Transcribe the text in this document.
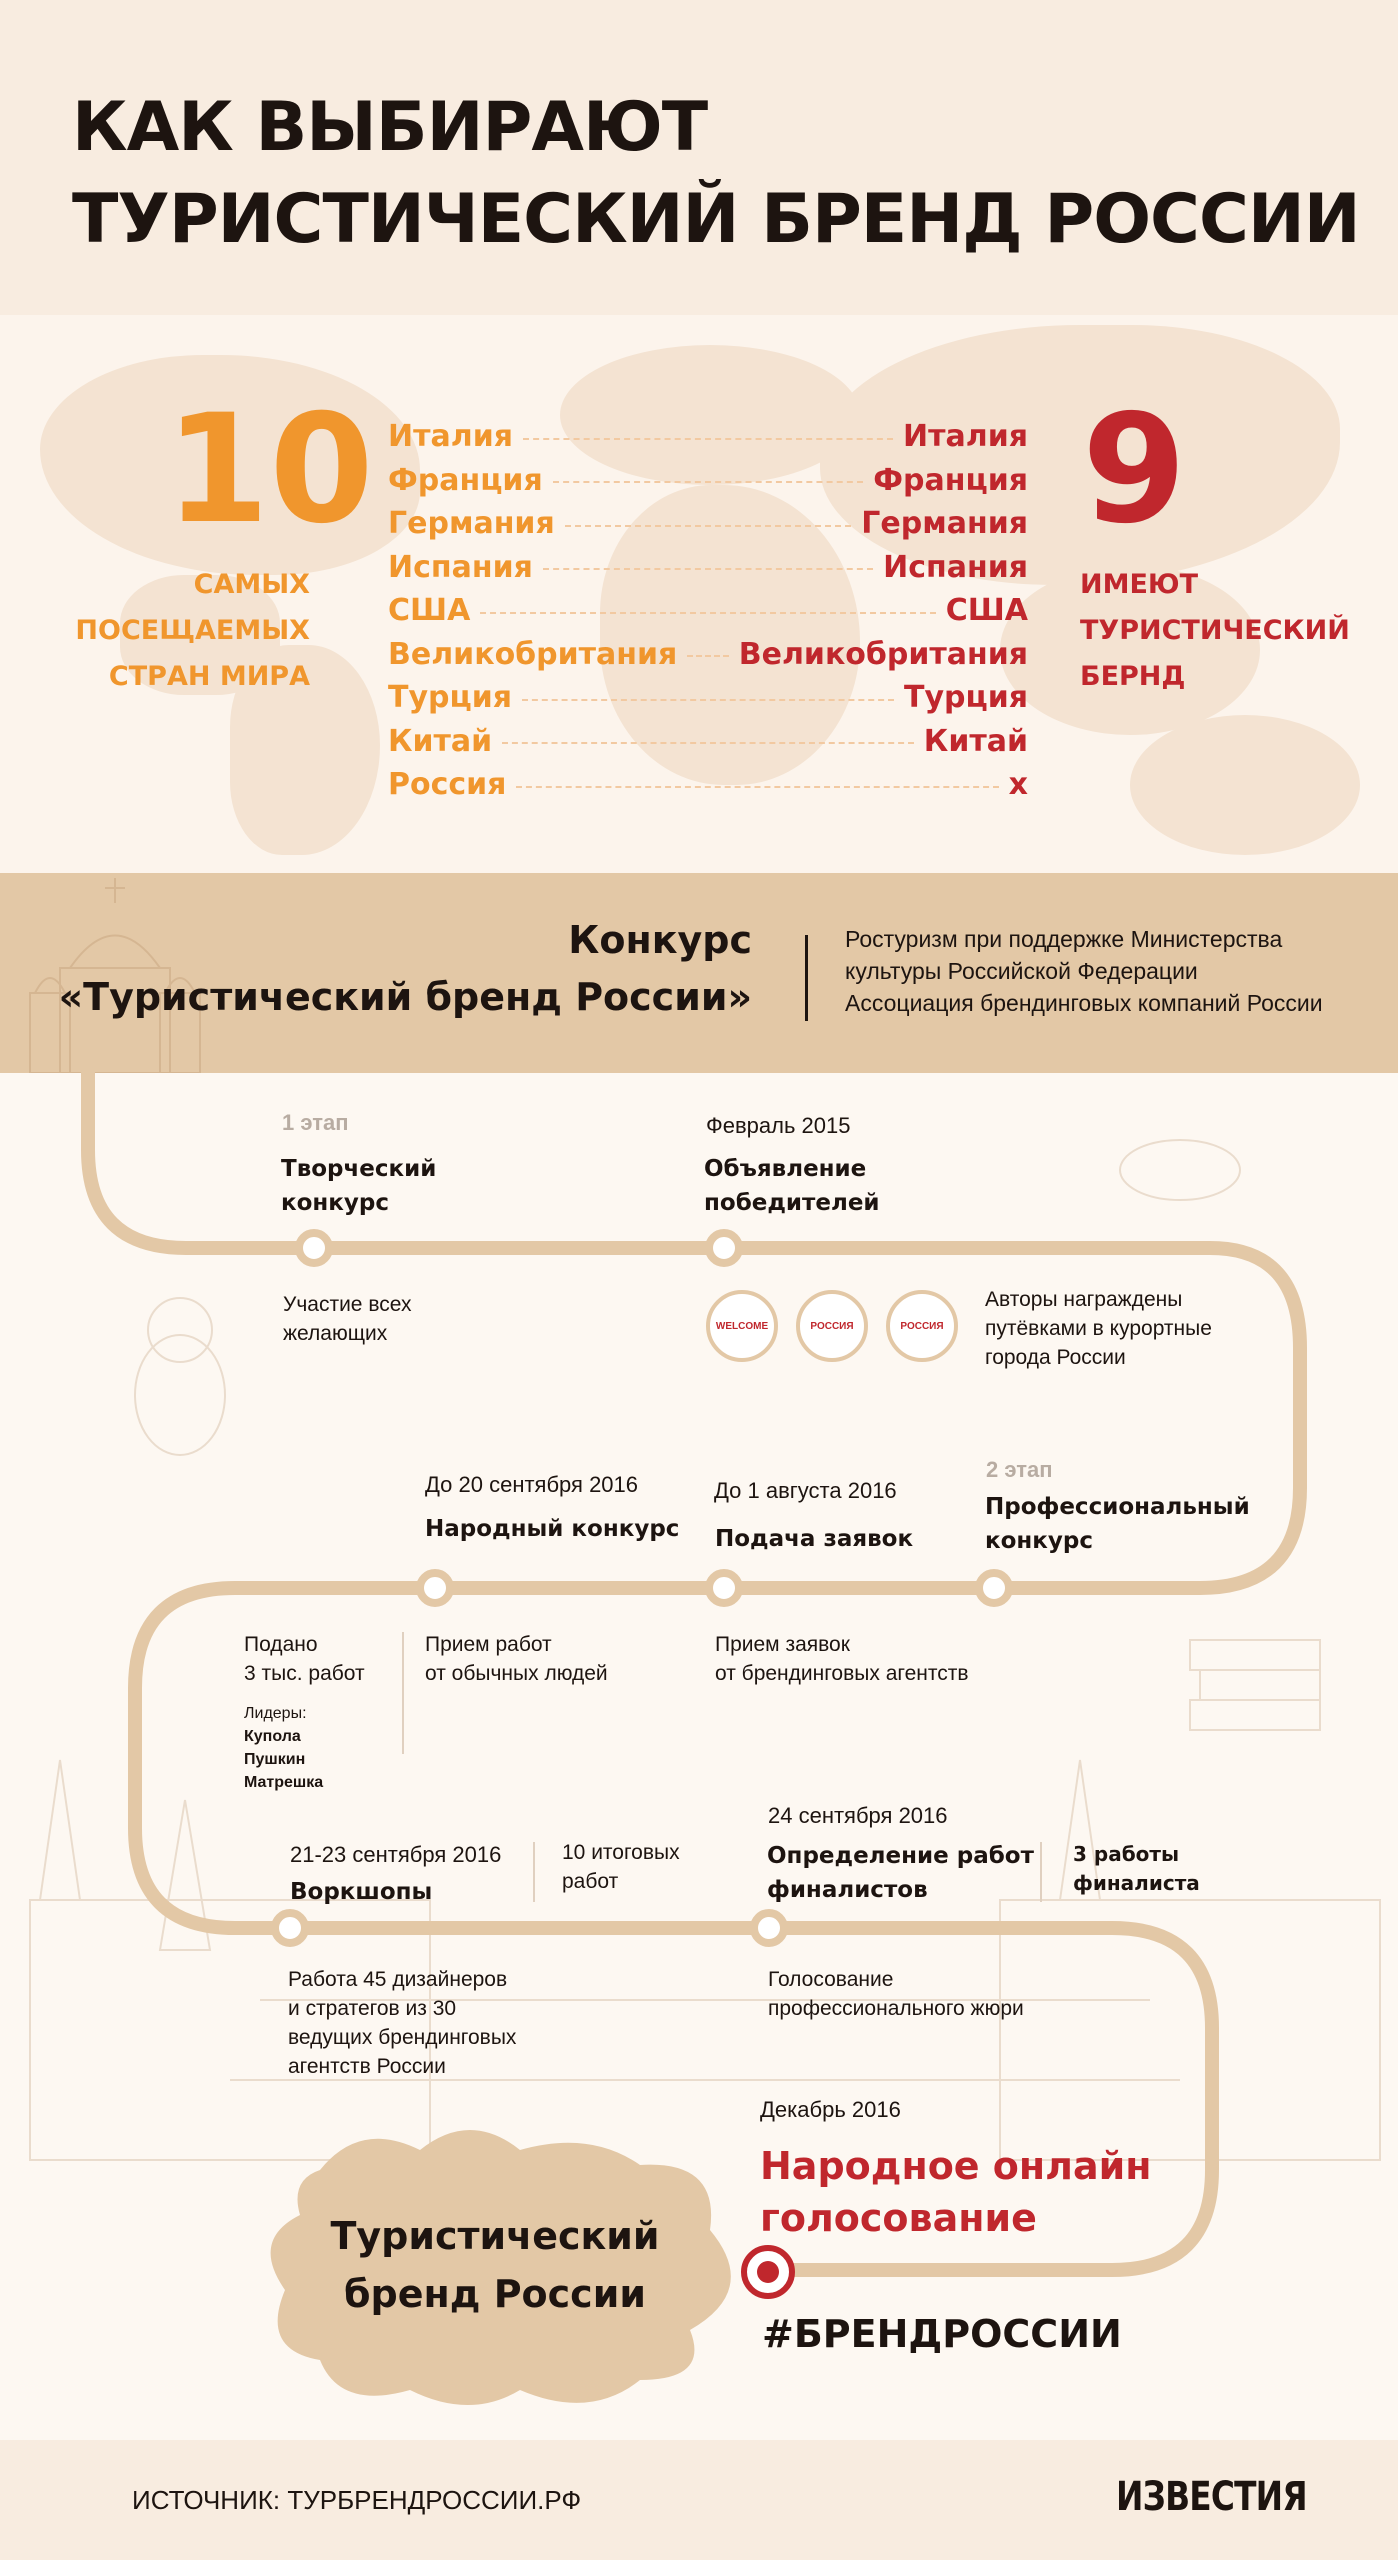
КАК ВЫБИРАЮТ
ТУРИСТИЧЕСКИЙ БРЕНД РОССИИ
10
САМЫХ
ПОСЕЩАЕМЫХ
СТРАН МИРА
9
ИМЕЮТ
ТУРИСТИЧЕСКИЙ
БЕРНД
Италия	Италия
Франция	Франция
Германия	Германия
Испания	Испания
США	США
Великобритания Великобритания
Турция	Турция
Китай	Китай
Россия	х
Конкурс
«Туристический бренд России»
Ростуризм при поддержке Министерства
культуры Российской Федерации
Ассоциация брендинговых компаний России
1 этап
Творческий
конкурс
Участие всех
желающих
Февраль 2015
Объявление
победителей
WELCOME	РОССИЯ	РОССИЯ
Авторы награждены
путёвками в курортные
города России
2 этап
Профессиональный
конкурс
До 1 августа 2016
Подача заявок
Прием заявок
от брендинговых агентств
До 20 сентября 2016
Народный конкурс
Прием работ
от обычных людей
Подано
3 тыс. работ
Лидеры:
Купола
Пушкин
Матрешка
21-23 сентября 2016
Воркшопы
10 итоговых
работ
Работа 45 дизайнеров
и стратегов из 30
ведущих брендинговых
агентств России
24 сентября 2016
Определение работ
финалистов
3 работы
финалиста
Голосование
профессионального жюри
Декабрь 2016
Народное онлайн
голосование
#БРЕНДРОССИИ
Туристический
бренд России
ИСТОЧНИК: ТУРБРЕНДРОССИИ.РФ	ИЗВЕСТИЯ
